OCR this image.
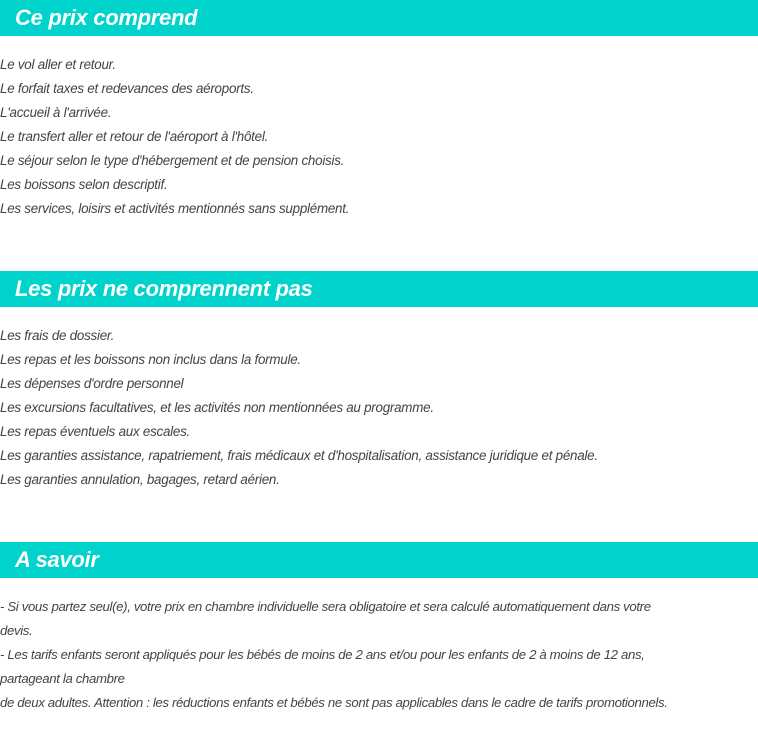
Ce prix comprend
Le vol aller et retour.
Le forfait taxes et redevances des aéroports.
L'accueil à l'arrivée.
Le transfert aller et retour de l'aéroport à l'hôtel.
Le séjour selon le type d'hébergement et de pension choisis.
Les boissons selon descriptif.
Les services, loisirs et activités mentionnés sans supplément.
Les prix ne comprennent pas
Les frais de dossier.
Les repas et les boissons non inclus dans la formule.
Les dépenses d'ordre personnel
Les excursions facultatives, et les activités non mentionnées au programme.
Les repas éventuels aux escales.
Les garanties assistance, rapatriement, frais médicaux et d'hospitalisation, assistance juridique et pénale.
Les garanties annulation, bagages, retard aérien.
A savoir
- Si vous partez seul(e), votre prix en chambre individuelle sera obligatoire et sera calculé automatiquement dans votre
devis.
- Les tarifs enfants seront appliqués pour les bébés de moins de 2 ans et/ou pour les enfants de 2 à moins de 12 ans,
partageant la chambre
de deux adultes. Attention : les réductions enfants et bébés ne sont pas applicables dans le cadre de tarifs promotionnels.
